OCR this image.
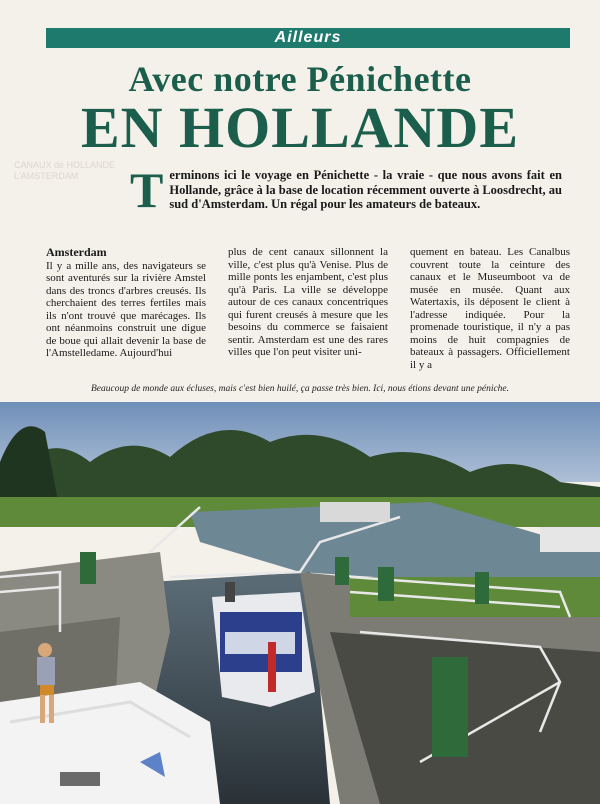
Ailleurs
Avec notre Pénichette
EN HOLLANDE
CANAUX de HOLLANDE
L'AMSTERDAM	Terminons ici le voyage en Pénichette - la vraie - que nous avons fait en Hollande, grâce à la base de location récemment ouverte à Loosdrecht, au sud d'Amsterdam. Un régal pour les amateurs de bateaux.
Amsterdam
Il y a mille ans, des navigateurs se sont aventurés sur la rivière Amstel dans des troncs d'arbres creusés. Ils cherchaient des terres fertiles mais ils n'ont trouvé que marécages. Ils ont néanmoins construit une digue de boue qui allait devenir la base de l'Amstelledame. Aujourd'hui
plus de cent canaux sillonnent la ville, c'est plus qu'à Venise. Plus de mille ponts les enjambent, c'est plus qu'à Paris. La ville se développe autour de ces canaux concentriques qui furent creusés à mesure que les besoins du commerce se faisaient sentir. Amsterdam est une des rares villes que l'on peut visiter uni-
quement en bateau. Les Canalbus couvrent toute la ceinture des canaux et le Museumboot va de musée en musée. Quant aux Watertaxis, ils déposent le client à l'adresse indiquée. Pour la promenade touristique, il n'y a pas moins de huit compagnies de bateaux à passagers. Officiellement il y a
Beaucoup de monde aux écluses, mais c'est bien huilé, ça passe très bien. Ici, nous étions devant une péniche.
